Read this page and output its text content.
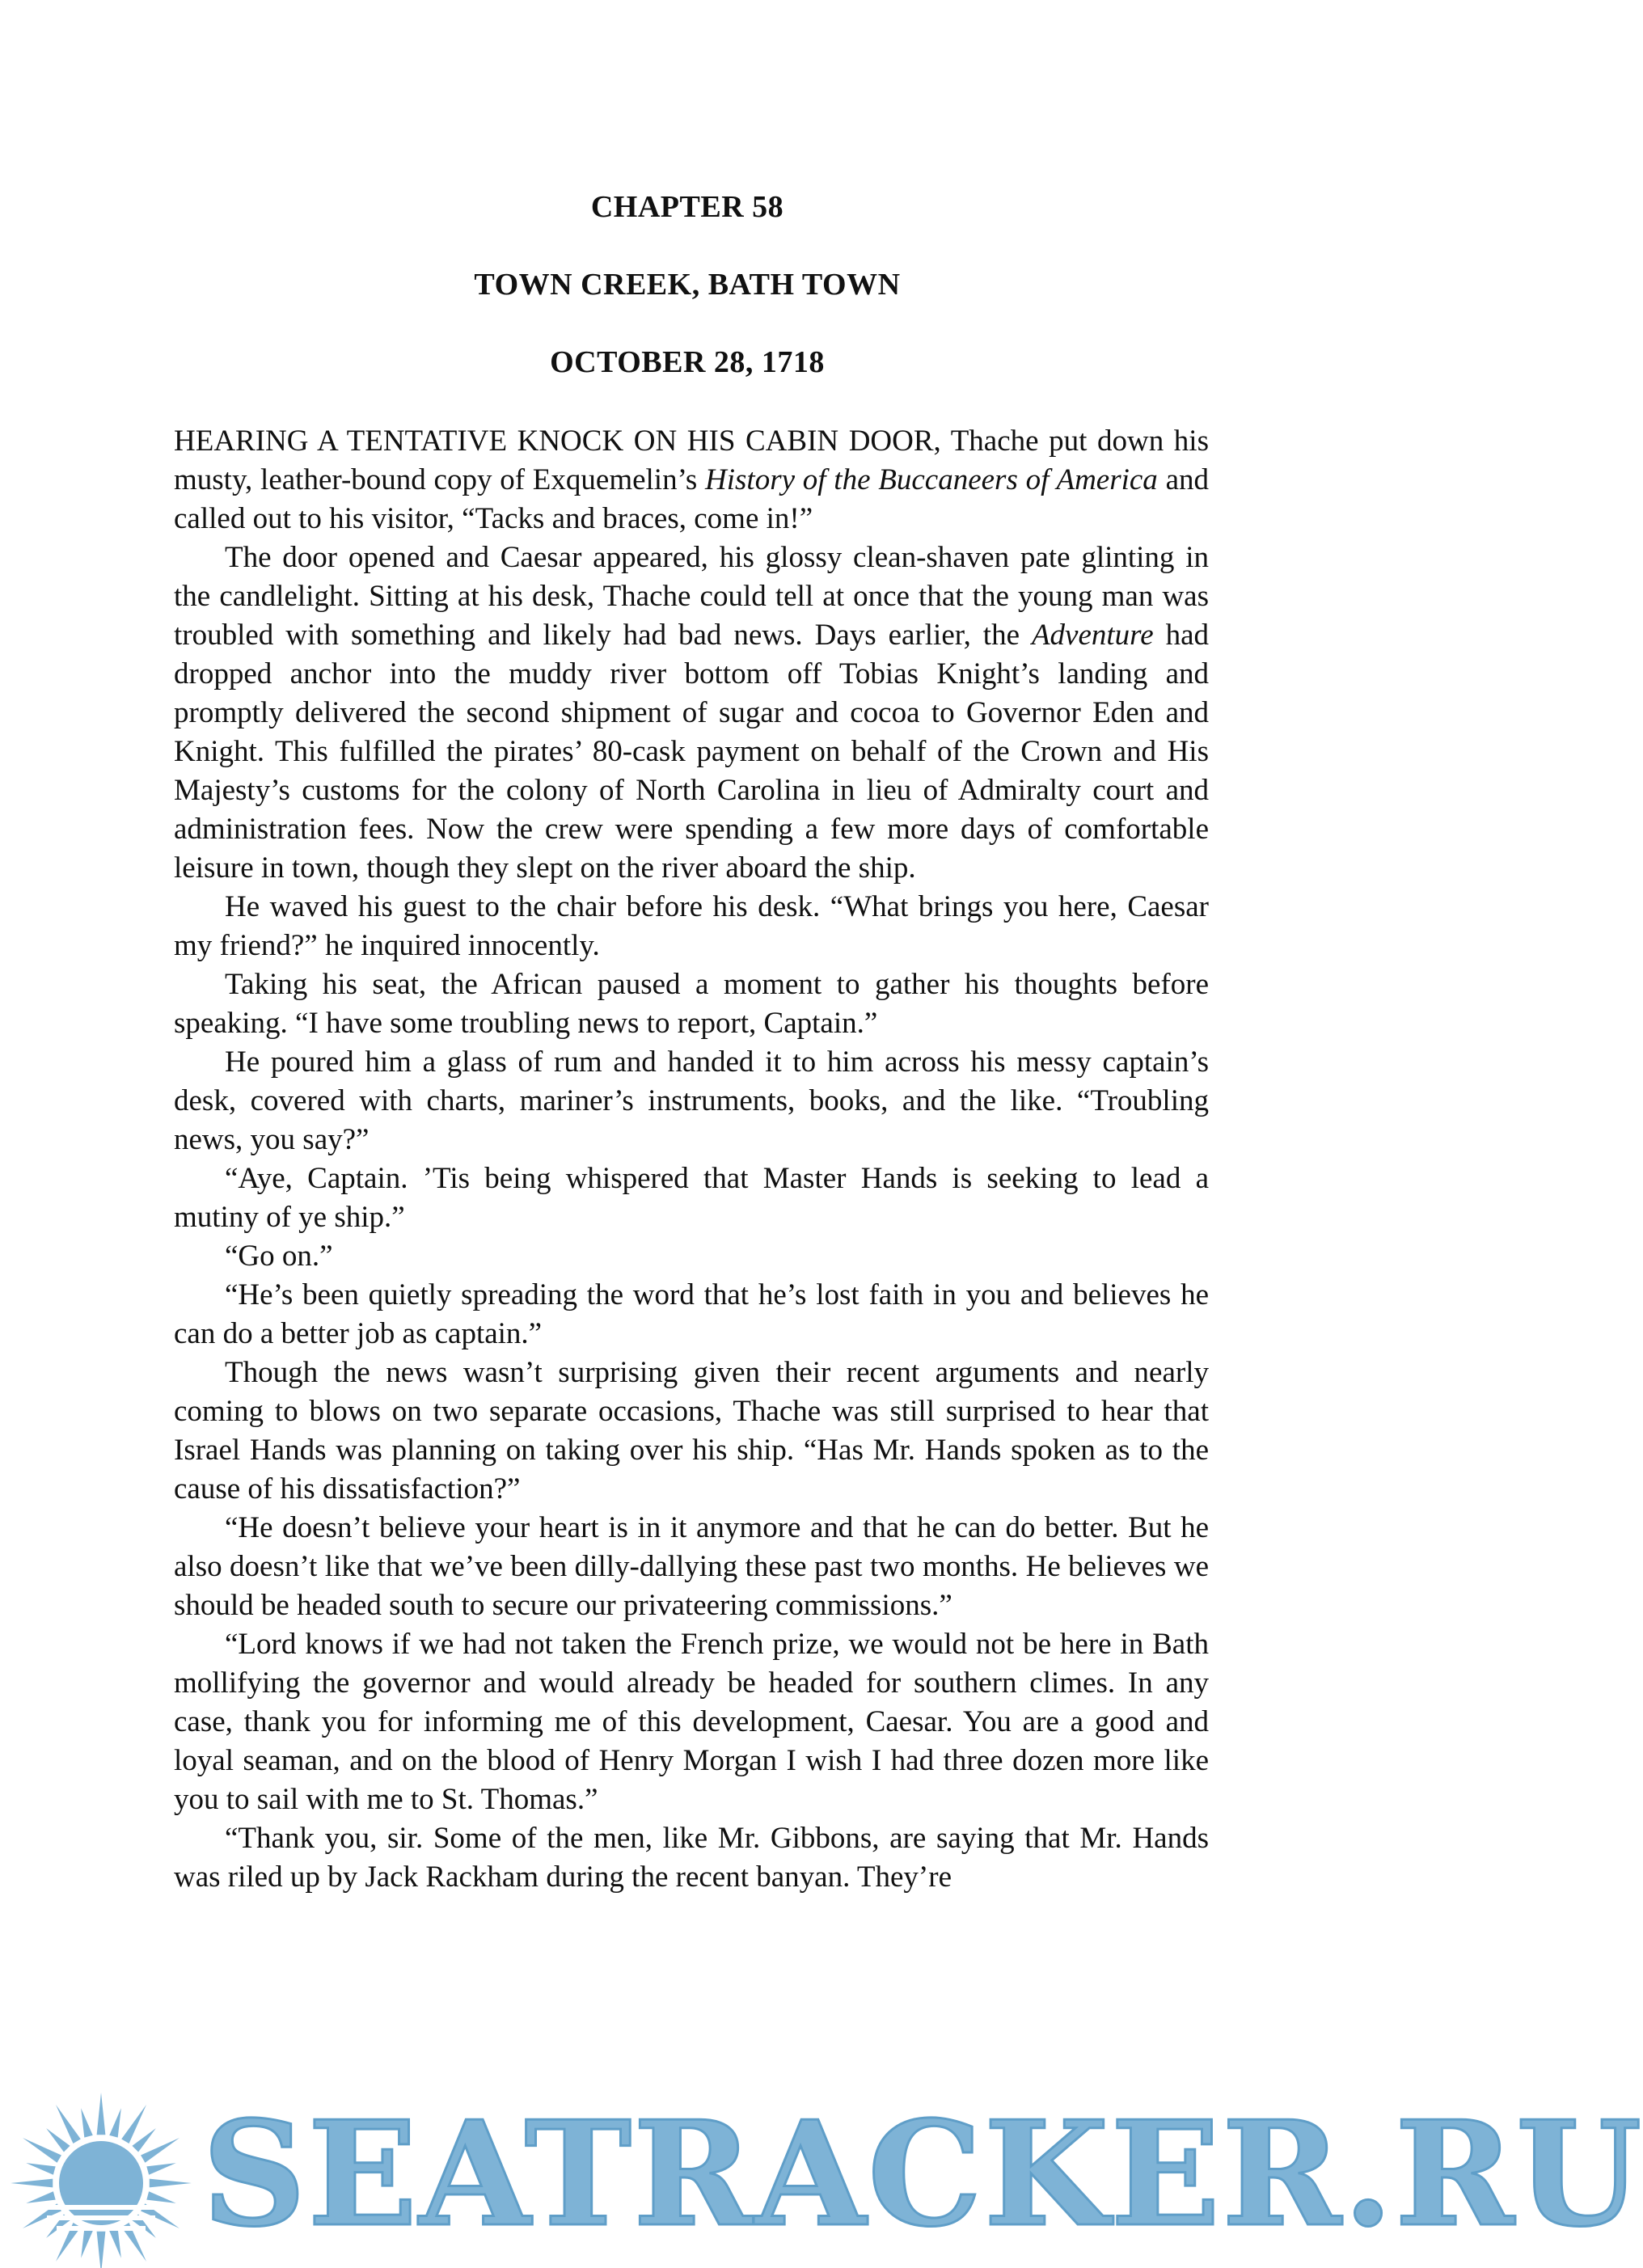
CHAPTER 58
TOWN CREEK, BATH TOWN
OCTOBER 28, 1718

HEARING A TENTATIVE KNOCK ON HIS CABIN DOOR, Thache put down his musty, leather-bound copy of Exquemelin’s History of the Buccaneers of America and called out to his visitor, “Tacks and braces, come in!”

The door opened and Caesar appeared, his glossy clean-shaven pate glinting in the candlelight. Sitting at his desk, Thache could tell at once that the young man was troubled with something and likely had bad news. Days earlier, the Adventure had dropped anchor into the muddy river bottom off Tobias Knight’s landing and promptly delivered the second shipment of sugar and cocoa to Governor Eden and Knight. This fulfilled the pirates’ 80-cask payment on behalf of the Crown and His Majesty’s customs for the colony of North Carolina in lieu of Admiralty court and administration fees. Now the crew were spending a few more days of comfortable leisure in town, though they slept on the river aboard the ship.

He waved his guest to the chair before his desk. “What brings you here, Caesar my friend?” he inquired innocently.

Taking his seat, the African paused a moment to gather his thoughts before speaking. “I have some troubling news to report, Captain.”

He poured him a glass of rum and handed it to him across his messy captain’s desk, covered with charts, mariner’s instruments, books, and the like. “Troubling news, you say?”

“Aye, Captain. ’Tis being whispered that Master Hands is seeking to lead a mutiny of ye ship.”

“Go on.”

“He’s been quietly spreading the word that he’s lost faith in you and believes he can do a better job as captain.”

Though the news wasn’t surprising given their recent arguments and nearly coming to blows on two separate occasions, Thache was still surprised to hear that Israel Hands was planning on taking over his ship. “Has Mr. Hands spoken as to the cause of his dissatisfaction?”

“He doesn’t believe your heart is in it anymore and that he can do better. But he also doesn’t like that we’ve been dilly-dallying these past two months. He believes we should be headed south to secure our privateering commissions.”

“Lord knows if we had not taken the French prize, we would not be here in Bath mollifying the governor and would already be headed for southern climes. In any case, thank you for informing me of this development, Caesar. You are a good and loyal seaman, and on the blood of Henry Morgan I wish I had three dozen more like you to sail with me to St. Thomas.”

“Thank you, sir. Some of the men, like Mr. Gibbons, are saying that Mr. Hands was riled up by Jack Rackham during the recent banyan. They’re

SEATRACKER.RU
